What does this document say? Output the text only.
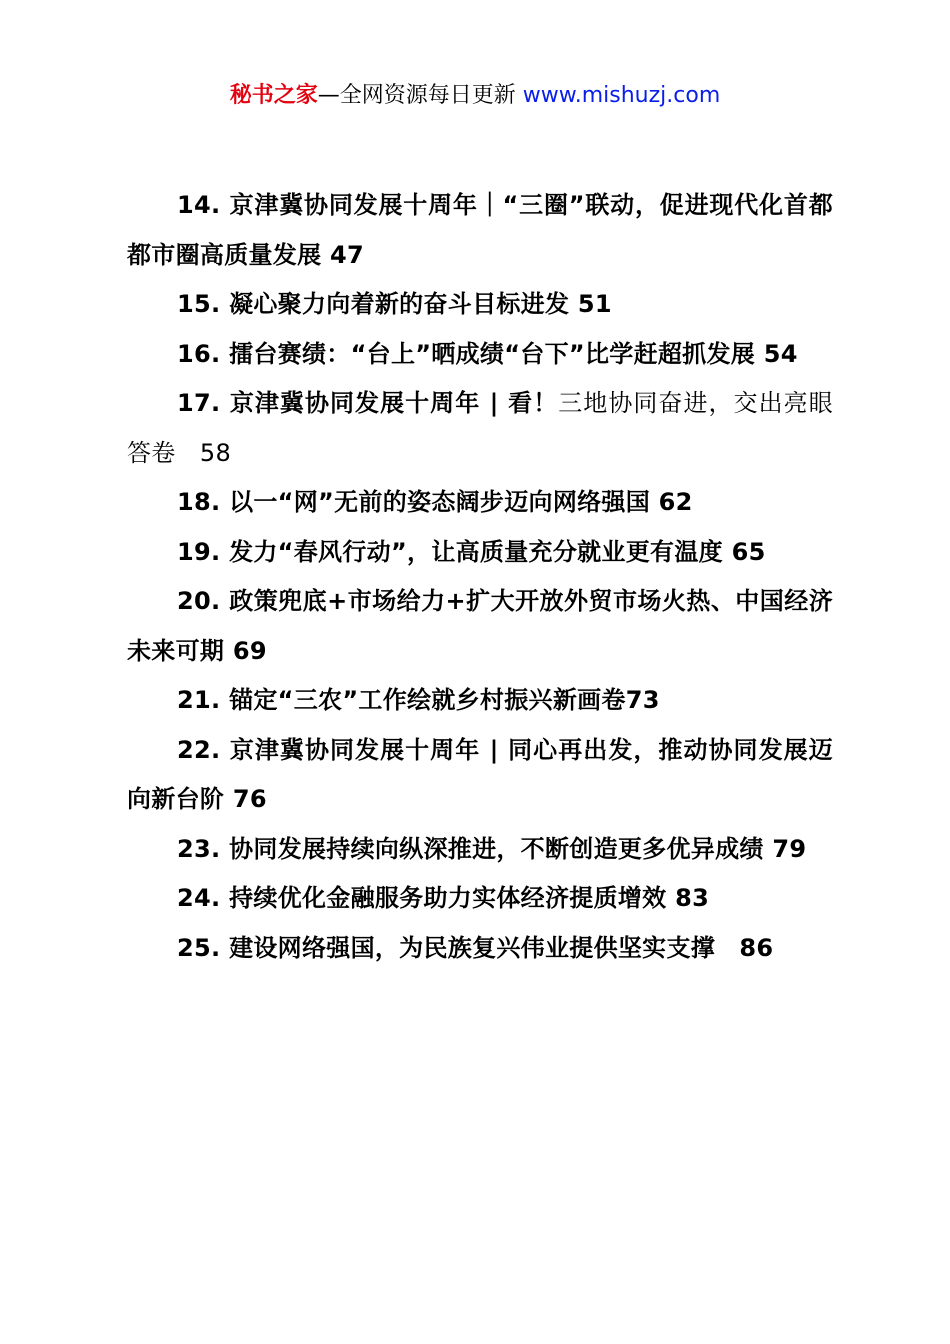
秘书之家—全网资源每日更新 www.mishuzj.com
14. 京津冀协同发展十周年｜“三圈”联动，促进现代化首都都市圈高质量发展 47
15. 凝心聚力向着新的奋斗目标进发 51
16. 擂台赛绩：“台上”晒成绩“台下”比学赶超抓发展 54
17. 京津冀协同发展十周年 | 看！三地协同奋进，交出亮眼答卷　58
18. 以一“网”无前的姿态阔步迈向网络强国 62
19. 发力“春风行动”，让高质量充分就业更有温度 65
20. 政策兜底+市场给力+扩大开放外贸市场火热、中国经济未来可期 69
21. 锚定“三农”工作绘就乡村振兴新画卷73
22. 京津冀协同发展十周年 | 同心再出发，推动协同发展迈向新台阶 76
23. 协同发展持续向纵深推进，不断创造更多优异成绩 79
24. 持续优化金融服务助力实体经济提质增效 83
25. 建设网络强国，为民族复兴伟业提供坚实支撑　86
